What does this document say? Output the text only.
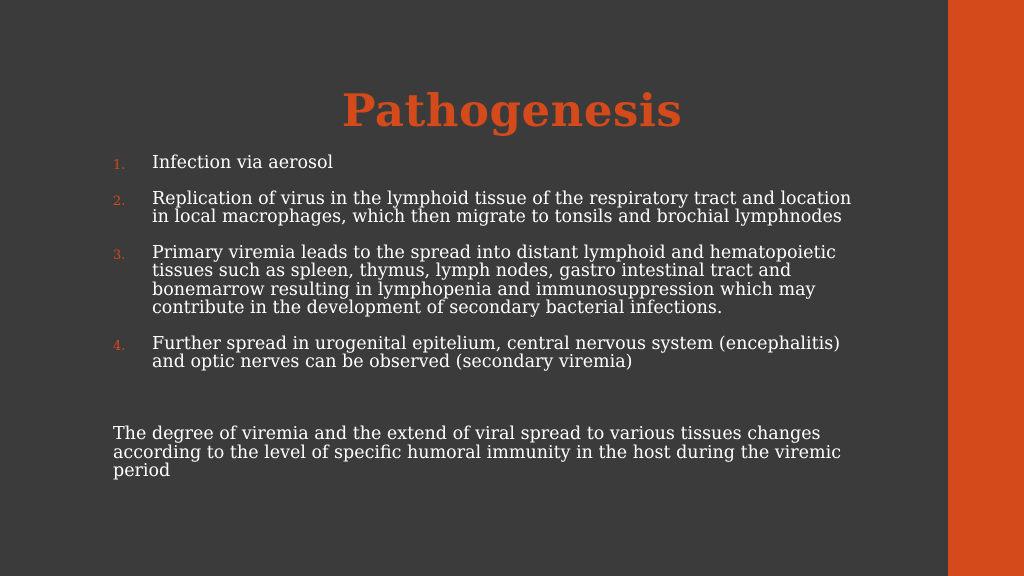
Pathogenesis
1. Infection via aerosol
2. Replication of virus in the lymphoid tissue of the respiratory tract and location in local macrophages, which then migrate to tonsils and brochial lymphnodes
3. Primary viremia leads to the spread into distant lymphoid and hematopoietic tissues such as spleen, thymus, lymph nodes, gastro intestinal tract and bonemarrow resulting in lymphopenia and immunosuppression which may contribute in the development of secondary bacterial infections.
4. Further spread in urogenital epitelium, central nervous system (encephalitis) and optic nerves can be observed (secondary viremia)

The degree of viremia and the extend of viral spread to various tissues changes according to the level of specific humoral immunity in the host during the viremic period
